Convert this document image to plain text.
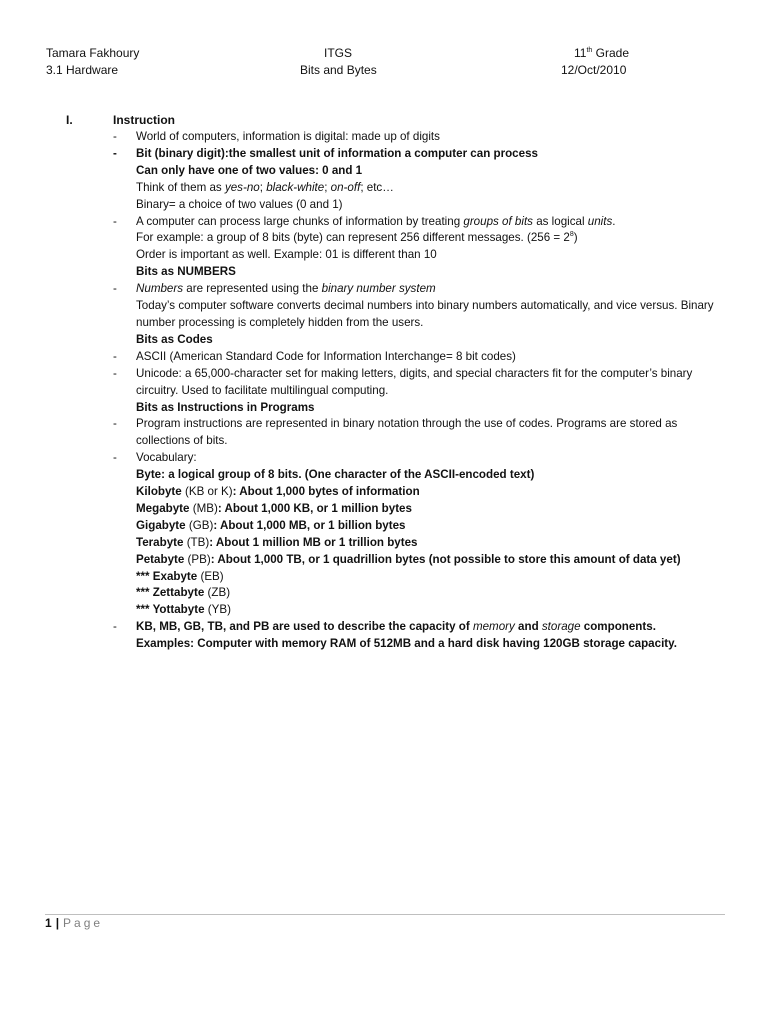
Tamara Fakhoury
3.1 Hardware
ITGS
Bits and Bytes
11th Grade
12/Oct/2010
I.	Instruction
- World of computers, information is digital: made up of digits
- Bit (binary digit):the smallest unit of information a computer can process
Can only have one of two values: 0 and 1
Think of them as yes-no; black-white; on-off; etc…
Binary= a choice of two values (0 and 1)
- A computer can process large chunks of information by treating groups of bits as logical units.
For example: a group of 8 bits (byte) can represent 256 different messages. $(256 = 2^8)$
Order is important as well. Example: 01 is different than 10
Bits as NUMBERS
- Numbers are represented using the binary number system
Today’s computer software converts decimal numbers into binary numbers automatically, and vice versus. Binary number processing is completely hidden from the users.
Bits as Codes
- ASCII (American Standard Code for Information Interchange= 8 bit codes)
- Unicode: a 65,000-character set for making letters, digits, and special characters fit for the computer’s binary circuitry. Used to facilitate multilingual computing.
Bits as Instructions in Programs
- Program instructions are represented in binary notation through the use of codes. Programs are stored as collections of bits.
- Vocabulary:
Byte: a logical group of 8 bits. (One character of the ASCII-encoded text)
Kilobyte (KB or K): About 1,000 bytes of information
Megabyte (MB): About 1,000 KB, or 1 million bytes
Gigabyte (GB): About 1,000 MB, or 1 billion bytes
Terabyte (TB): About 1 million MB or 1 trillion bytes
Petabyte (PB): About 1,000 TB, or 1 quadrillion bytes (not possible to store this amount of data yet)
*** Exabyte (EB)
*** Zettabyte (ZB)
*** Yottabyte (YB)
- KB, MB, GB, TB, and PB are used to describe the capacity of memory and storage components.
Examples: Computer with memory RAM of 512MB and a hard disk having 120GB storage capacity.
1 | Page
